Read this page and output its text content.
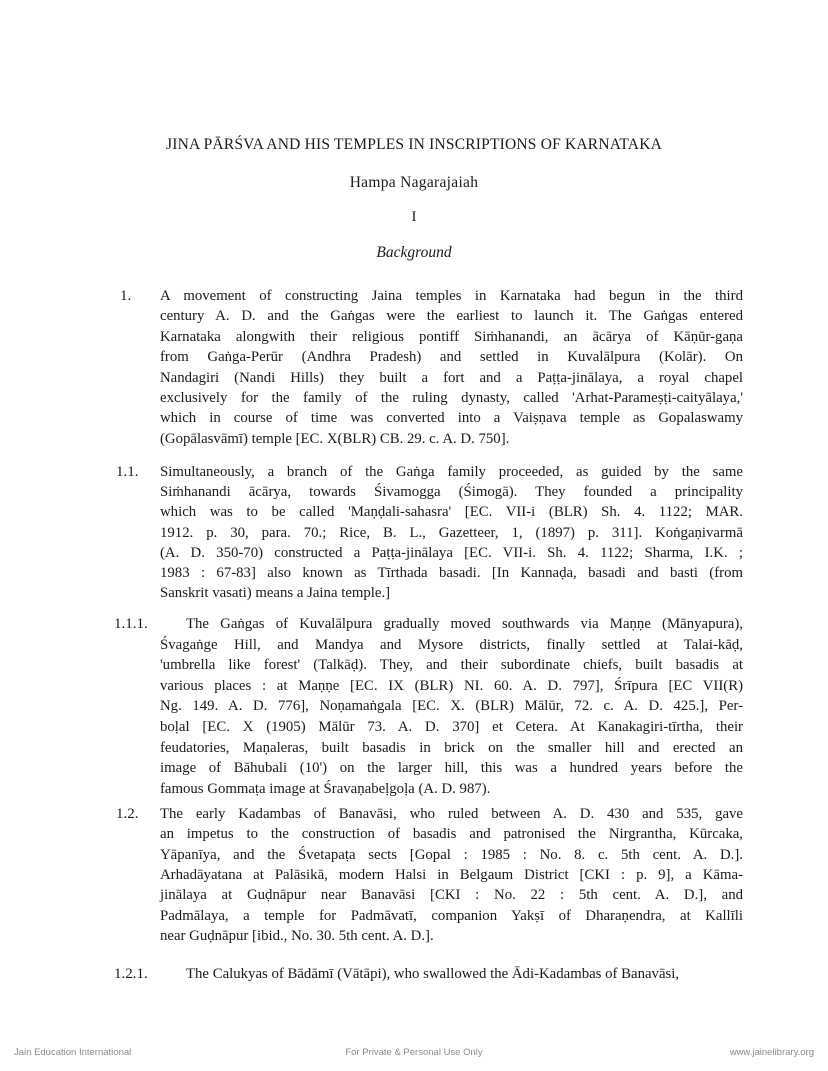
JINA PĀRŚVA AND HIS TEMPLES IN INSCRIPTIONS OF KARNATAKA
Hampa Nagarajaiah
I
Background
1. A movement of constructing Jaina temples in Karnataka had begun in the third
century A. D. and the Gaṅgas were the earliest to launch it. The Gaṅgas entered
Karnataka alongwith their religious pontiff Siṁhanandi, an ācārya of Kāṇūr-gaṇa
from Gaṅga-Perūr (Andhra Pradesh) and settled in Kuvalālpura (Kolār). On
Nandagiri (Nandi Hills) they built a fort and a Paṭṭa-jinālaya, a royal chapel
exclusively for the family of the ruling dynasty, called 'Arhat-Parameṣṭi-caityālaya,'
which in course of time was converted into a Vaiṣṇava temple as Gopalaswamy
(Gopālasvāmī) temple [EC. X(BLR) CB. 29. c. A. D. 750].
1.1. Simultaneously, a branch of the Gaṅga family proceeded, as guided by the same
Siṁhanandi ācārya, towards Śivamogga (Śimogā). They founded a principality
which was to be called 'Maṇḍali-sahasra' [EC. VII-i (BLR) Sh. 4. 1122; MAR.
1912. p. 30, para. 70.; Rice, B. L., Gazetteer, 1, (1897) p. 311]. Koṅgaṇivarmā
(A. D. 350-70) constructed a Paṭṭa-jinālaya [EC. VII-i. Sh. 4. 1122; Sharma, I.K. ;
1983 : 67-83] also known as Tīrthada basadi. [In Kannaḍa, basadi and basti (from
Sanskrit vasati) means a Jaina temple.]
1.1.1.	The Gaṅgas of Kuvalālpura gradually moved southwards via Maṇṇe (Mānyapura),
Śvagaṅge Hill, and Mandya and Mysore districts, finally settled at Talai-kāḍ,
'umbrella like forest' (Talkāḍ). They, and their subordinate chiefs, built basadis at
various places : at Maṇṇe [EC. IX (BLR) NI. 60. A. D. 797], Śrīpura [EC VII(R)
Ng. 149. A. D. 776], Noṇamaṅgala [EC. X. (BLR) Mālūr, 72. c. A. D. 425.], Per-
boḷal [EC. X (1905) Mālūr 73. A. D. 370] et Cetera. At Kanakagiri-tīrtha, their
feudatories, Maṇaleras, built basadis in brick on the smaller hill and erected an
image of Bāhubali (10') on the larger hill, this was a hundred years before the
famous Gommaṭa image at Śravaṇabeḷgoḷa (A. D. 987).
1.2. The early Kadambas of Banavāsi, who ruled between A. D. 430 and 535, gave
an impetus to the construction of basadis and patronised the Nirgrantha, Kūrcaka,
Yāpanīya, and the Śvetapaṭa sects [Gopal : 1985 : No. 8. c. 5th cent. A. D.].
Arhadāyatana at Palāsikā, modern Halsi in Belgaum District [CKI : p. 9], a Kāma-
jinālaya at Guḍnāpur near Banavāsi [CKI : No. 22 : 5th cent. A. D.], and
Padmālaya, a temple for Padmāvatī, companion Yakṣī of Dharaṇendra, at Kallīli
near Guḍnāpur [ibid., No. 30. 5th cent. A. D.].
1.2.1.	The Calukyas of Bādāmī (Vātāpi), who swallowed the Ādi-Kadambas of Banavāsi,
Jain Education International	For Private & Personal Use Only	www.jainelibrary.org
